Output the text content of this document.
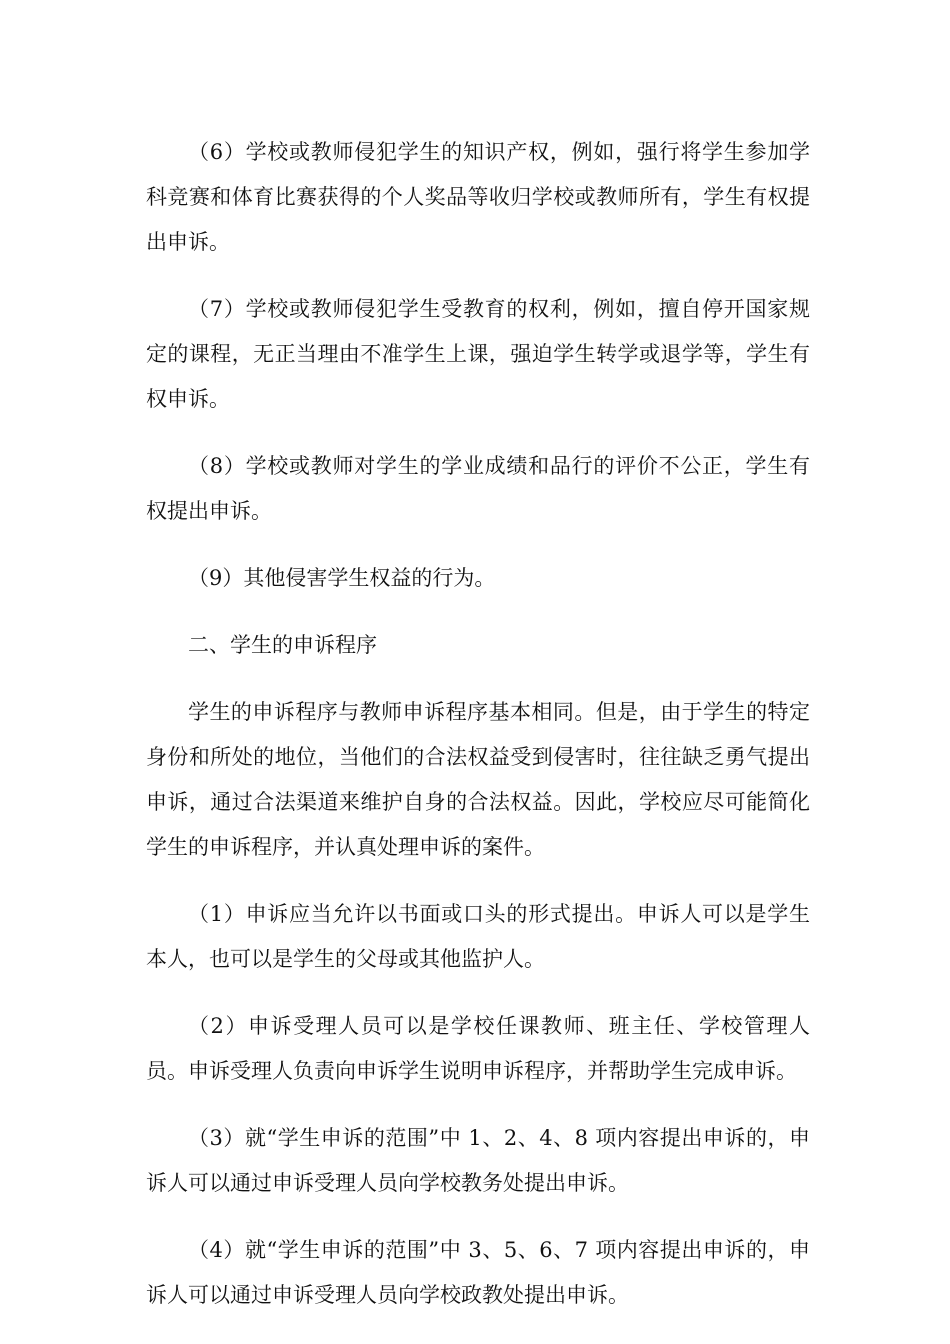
（6）学校或教师侵犯学生的知识产权，例如，强行将学生参加学科竞赛和体育比赛获得的个人奖品等收归学校或教师所有，学生有权提出申诉。

（7）学校或教师侵犯学生受教育的权利，例如，擅自停开国家规定的课程，无正当理由不准学生上课，强迫学生转学或退学等，学生有权申诉。

（8）学校或教师对学生的学业成绩和品行的评价不公正，学生有权提出申诉。

（9）其他侵害学生权益的行为。

二、学生的申诉程序

学生的申诉程序与教师申诉程序基本相同。但是，由于学生的特定身份和所处的地位，当他们的合法权益受到侵害时，往往缺乏勇气提出申诉，通过合法渠道来维护自身的合法权益。因此，学校应尽可能简化学生的申诉程序，并认真处理申诉的案件。

（1）申诉应当允许以书面或口头的形式提出。申诉人可以是学生本人，也可以是学生的父母或其他监护人。

（2）申诉受理人员可以是学校任课教师、班主任、学校管理人员。申诉受理人负责向申诉学生说明申诉程序，并帮助学生完成申诉。

（3）就“学生申诉的范围”中 1、2、4、8 项内容提出申诉的，申诉人可以通过申诉受理人员向学校教务处提出申诉。

（4）就“学生申诉的范围”中 3、5、6、7 项内容提出申诉的，申诉人可以通过申诉受理人员向学校政教处提出申诉。
